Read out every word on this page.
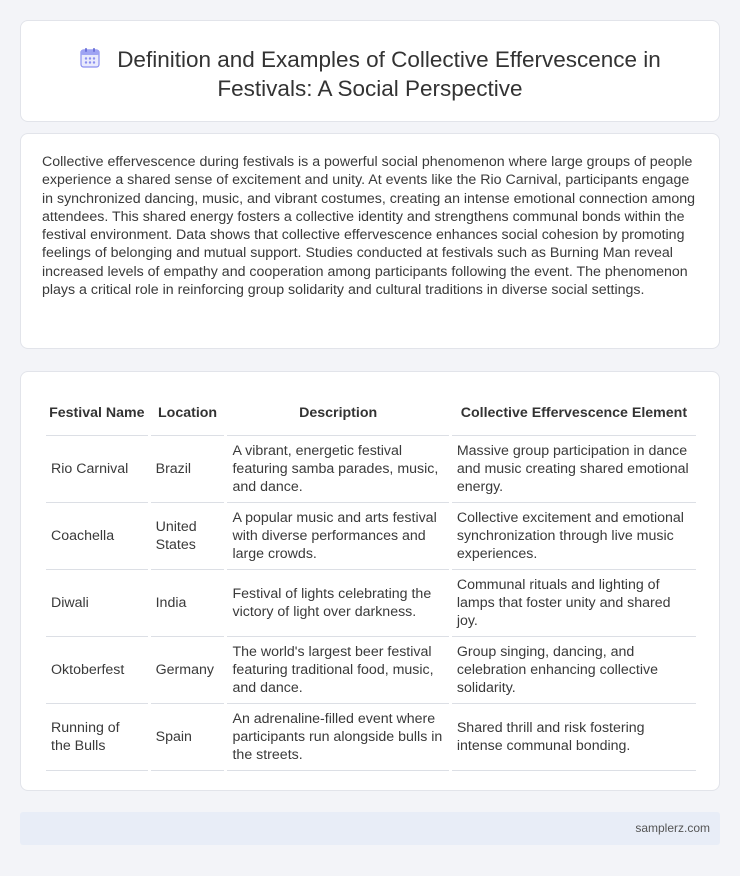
Definition and Examples of Collective Effervescence in Festivals: A Social Perspective

Collective effervescence during festivals is a powerful social phenomenon where large groups of people experience a shared sense of excitement and unity. At events like the Rio Carnival, participants engage in synchronized dancing, music, and vibrant costumes, creating an intense emotional connection among attendees. This shared energy fosters a collective identity and strengthens communal bonds within the festival environment. Data shows that collective effervescence enhances social cohesion by promoting feelings of belonging and mutual support. Studies conducted at festivals such as Burning Man reveal increased levels of empathy and cooperation among participants following the event. The phenomenon plays a critical role in reinforcing group solidarity and cultural traditions in diverse social settings.

Festival Name	Location	Description	Collective Effervescence Element
Rio Carnival	Brazil	A vibrant, energetic festival featuring samba parades, music, and dance.	Massive group participation in dance and music creating shared emotional energy.
Coachella	United States	A popular music and arts festival with diverse performances and large crowds.	Collective excitement and emotional synchronization through live music experiences.
Diwali	India	Festival of lights celebrating the victory of light over darkness.	Communal rituals and lighting of lamps that foster unity and shared joy.
Oktoberfest	Germany	The world's largest beer festival featuring traditional food, music, and dance.	Group singing, dancing, and celebration enhancing collective solidarity.
Running of the Bulls	Spain	An adrenaline-filled event where participants run alongside bulls in the streets.	Shared thrill and risk fostering intense communal bonding.
samplerz.com
